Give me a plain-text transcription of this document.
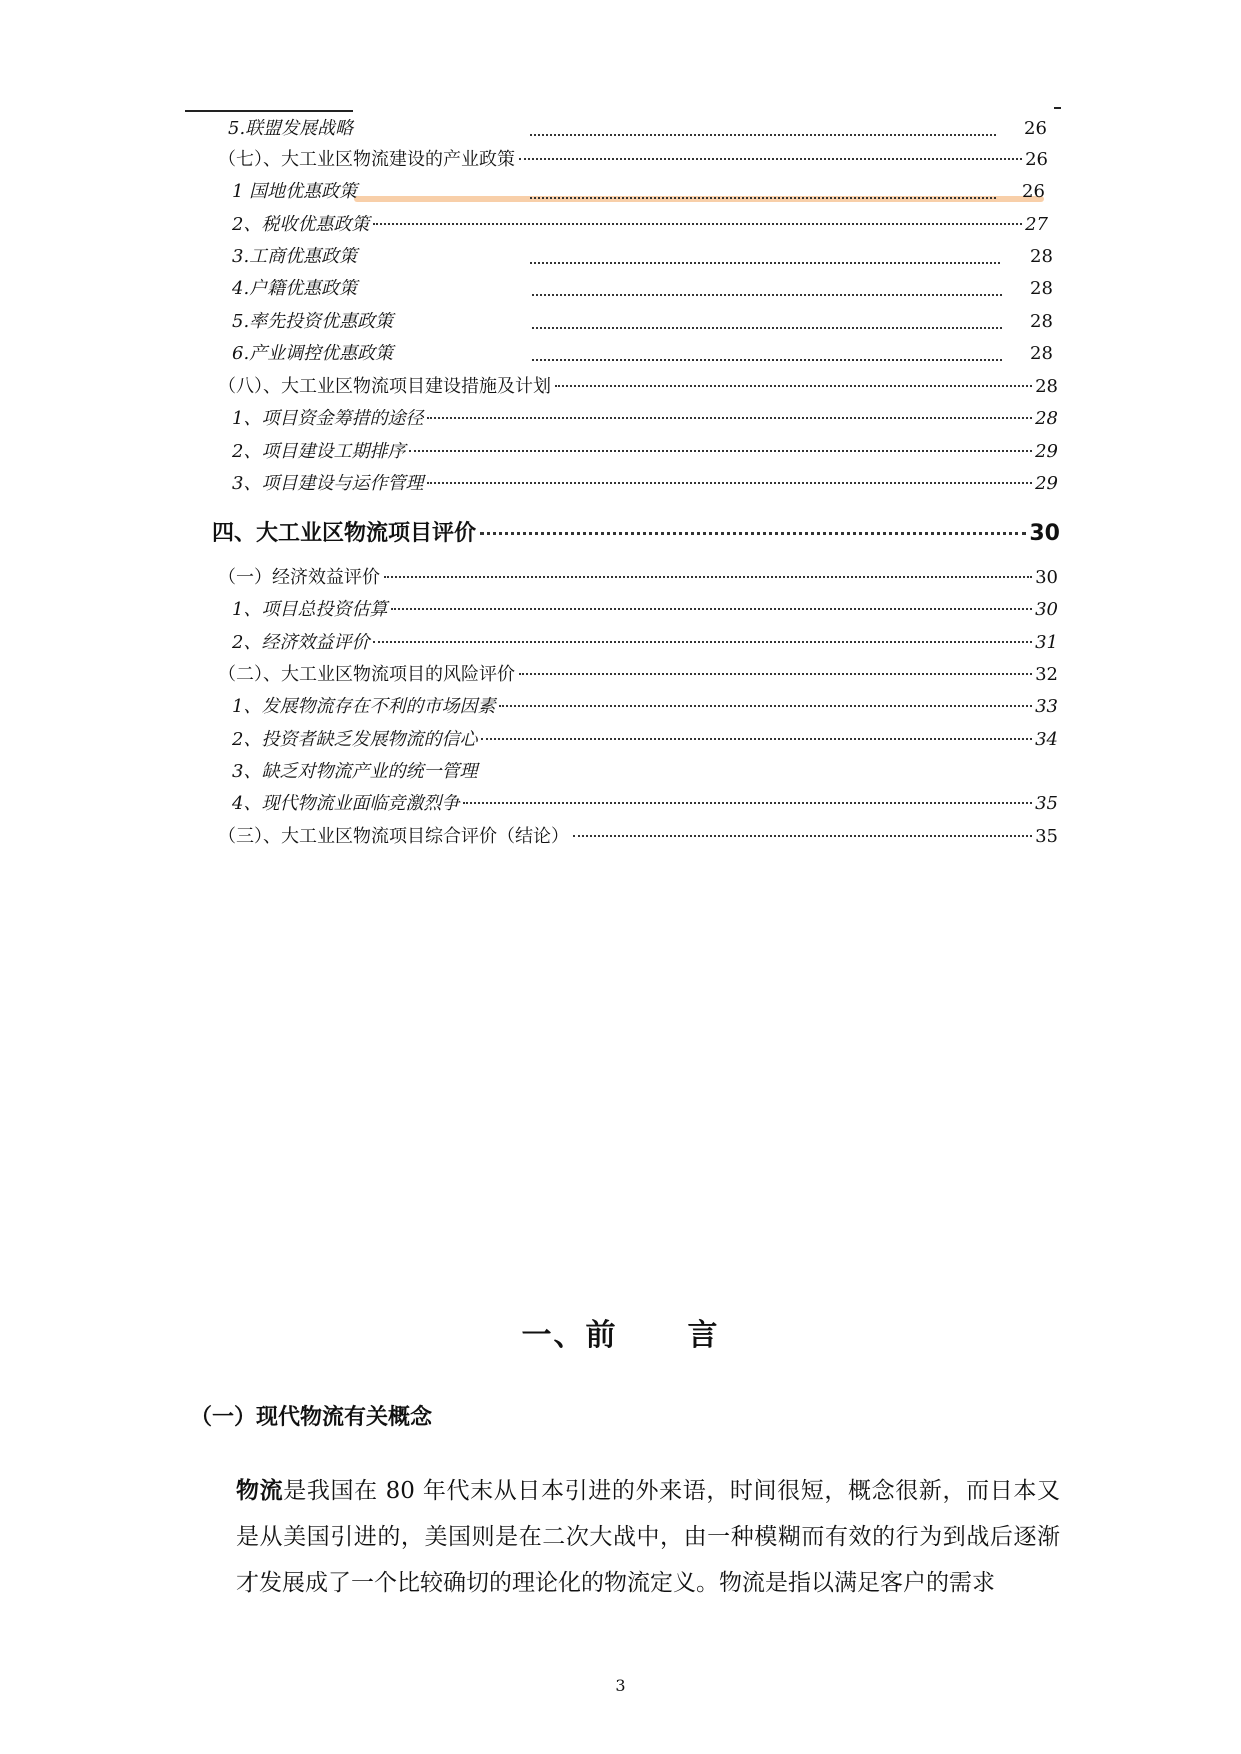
5.联盟发展战略	26
（七）、大工业区物流建设的产业政策	26
1 国地优惠政策	26
2、税收优惠政策	27
3.工商优惠政策	28
4.户籍优惠政策	28
5.率先投资优惠政策	28
6.产业调控优惠政策	28
（八）、大工业区物流项目建设措施及计划	28
1、项目资金筹措的途径	28
2、项目建设工期排序	29
3、项目建设与运作管理	29
四、大工业区物流项目评价	30
（一）经济效益评价	30
1、项目总投资估算	30
2、经济效益评价	31
（二）、大工业区物流项目的风险评价	32
1、发展物流存在不利的市场因素	33
2、投资者缺乏发展物流的信心	34
3、缺乏对物流产业的统一管理
4、现代物流业面临竞激烈争	35
（三）、大工业区物流项目综合评价（结论）	35
一、前 言
（一）现代物流有关概念

物流是我国在 80 年代末从日本引进的外来语，时间很短，概念很新，而日本又是从美国引进的，美国则是在二次大战中，由一种模糊而有效的行为到战后逐渐才发展成了一个比较确切的理论化的物流定义。物流是指以满足客户的需求

3
